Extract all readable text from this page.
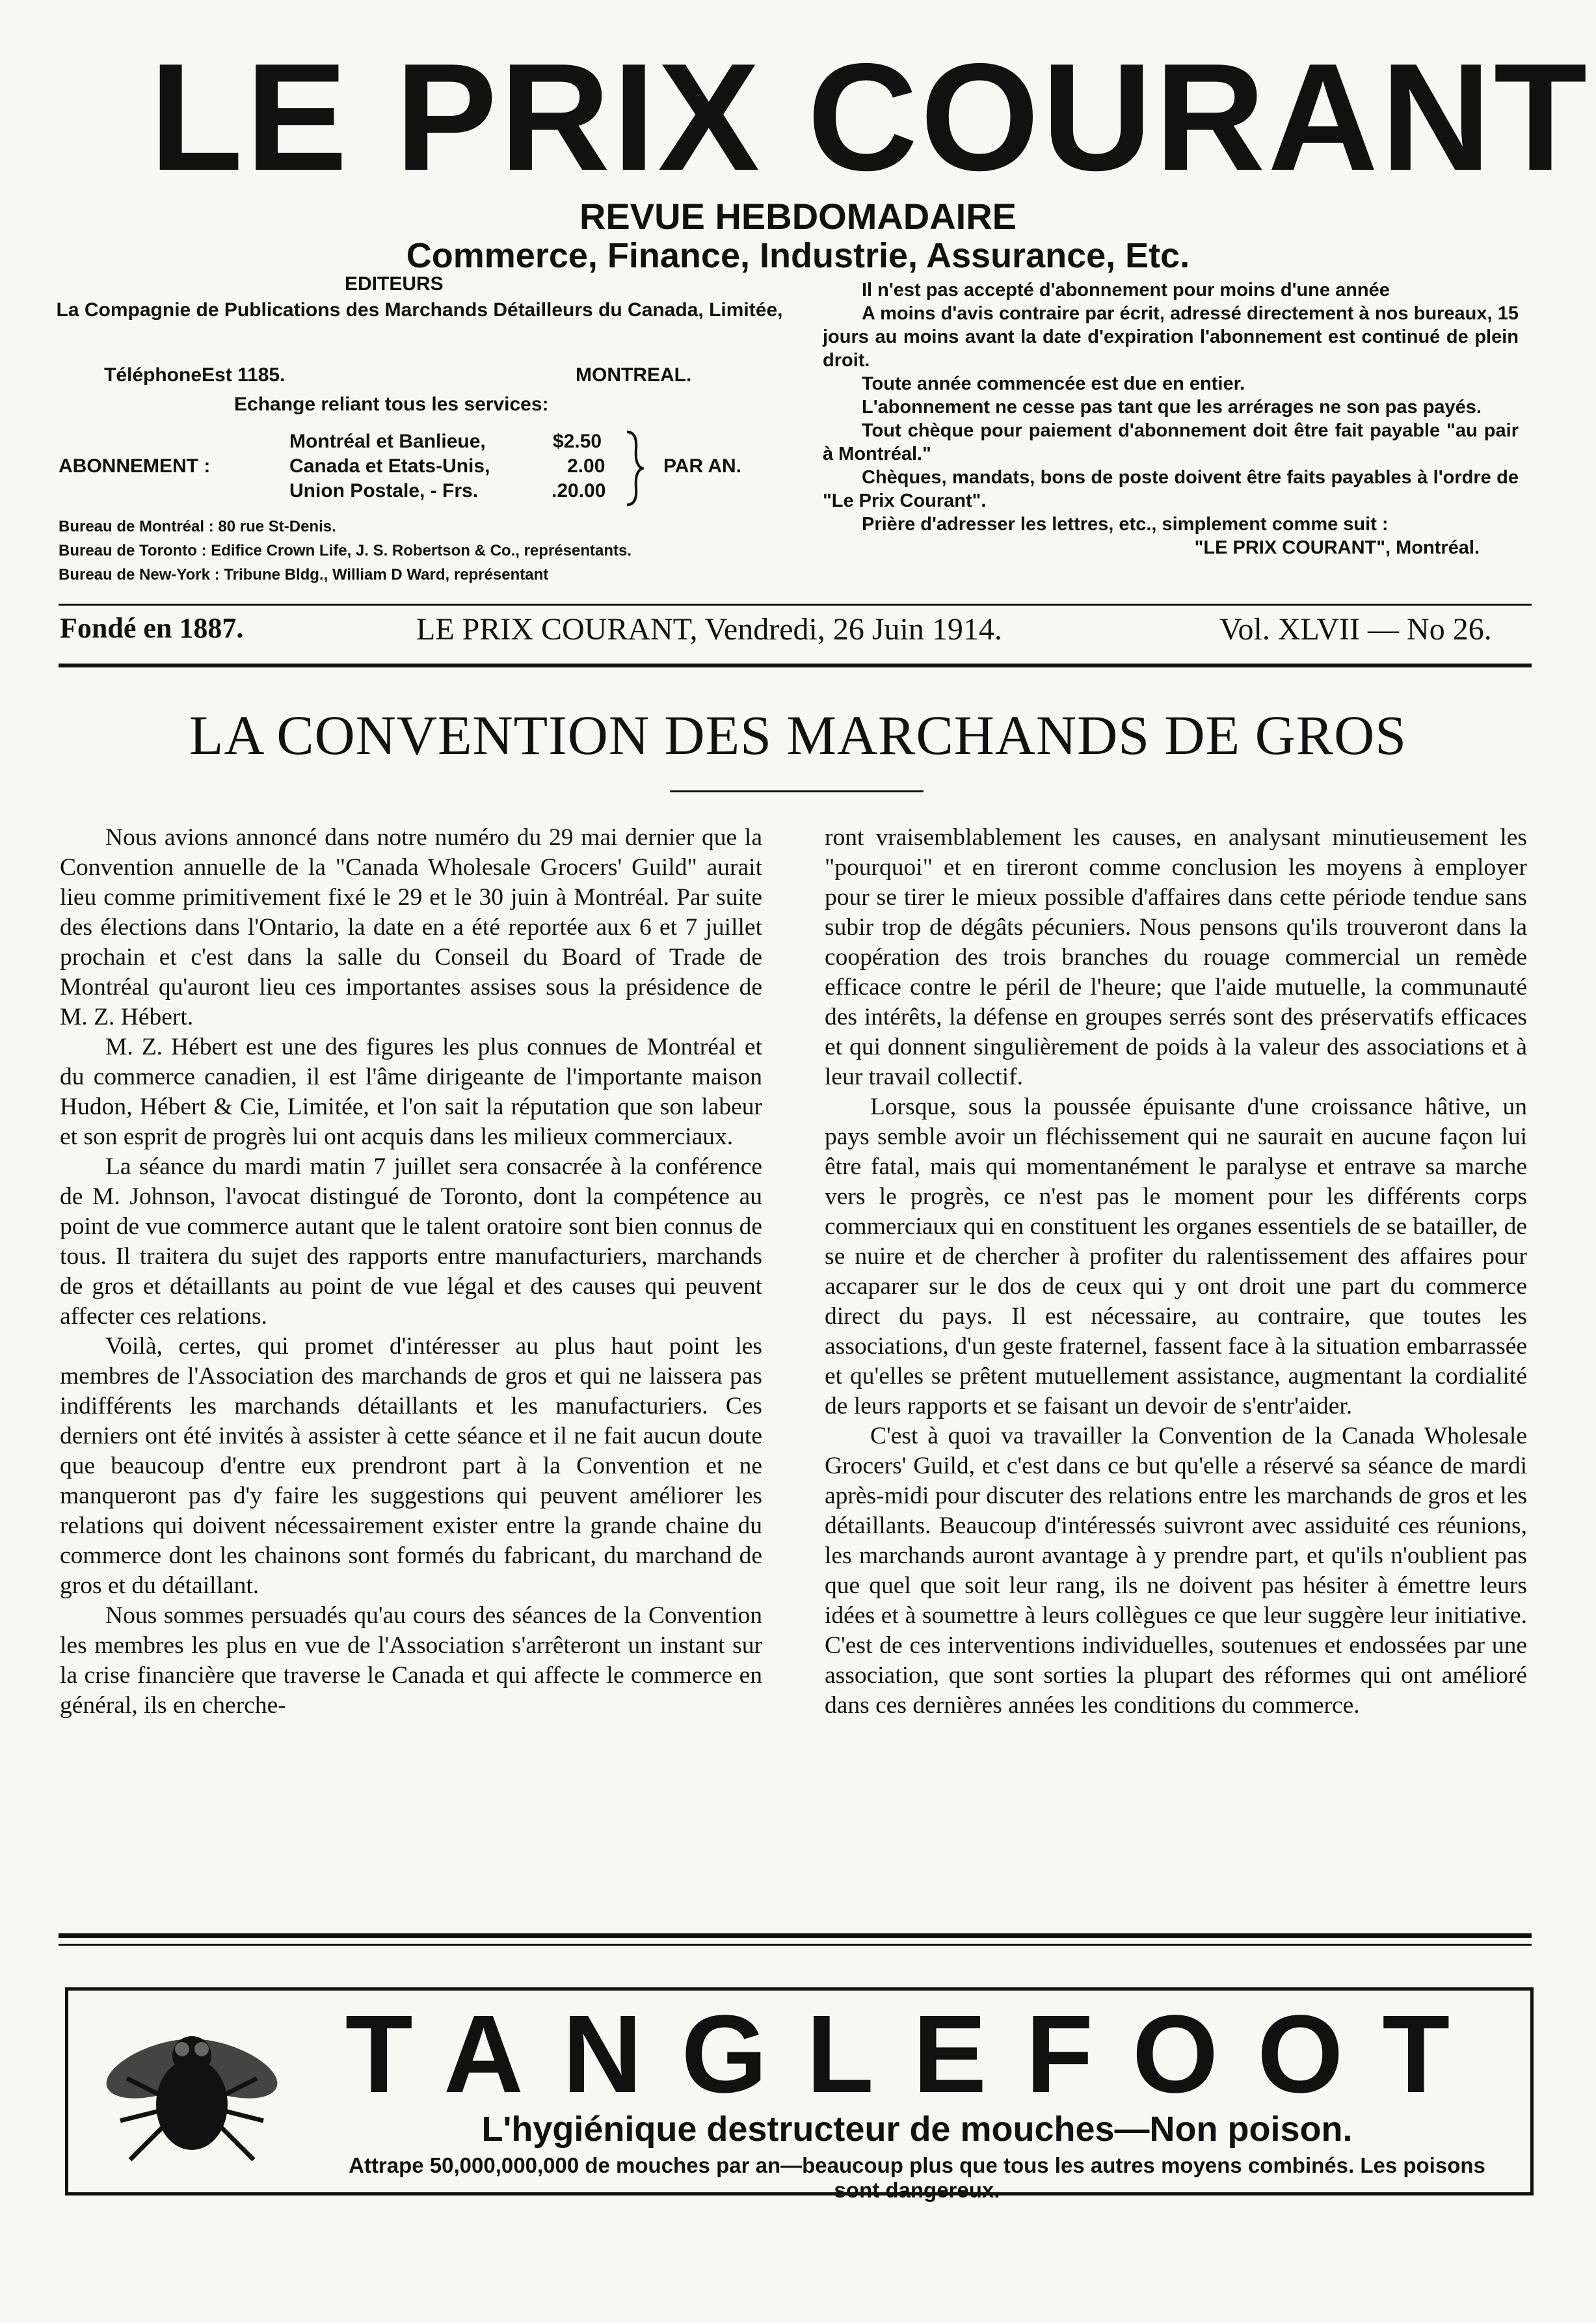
LE PRIX COURANT
REVUE HEBDOMADAIRE
Commerce, Finance, Industrie, Assurance, Etc.
EDITEURS
La Compagnie de Publications des Marchands Détailleurs du Canada, Limitée,
TéléphoneEst 1185.	MONTREAL.
Echange reliant tous les services:
ABONNEMENT :
Montréal et Banlieue,	$2.50
Canada et Etats-Unis,	2.00
Union Postale, - Frs.	.20.00
PAR AN.
Bureau de Montréal : 80 rue St-Denis.
Bureau de Toronto : Edifice Crown Life, J. S. Robertson & Co., représentants.
Bureau de New-York : Tribune Bldg., William D Ward, représentant

Il n'est pas accepté d'abonnement pour moins d'une année

A moins d'avis contraire par écrit, adressé directement à nos bureaux, 15 jours au moins avant la date d'expiration l'abonnement est continué de plein droit.

Toute année commencée est due en entier.

L'abonnement ne cesse pas tant que les arrérages ne son pas payés.

Tout chèque pour paiement d'abonnement doit être fait payable "au pair à Montréal."

Chèques, mandats, bons de poste doivent être faits payables à l'ordre de "Le Prix Courant".

Prière d'adresser les lettres, etc., simplement comme suit :

"LE PRIX COURANT", Montréal.

Fondé en 1887.	LE PRIX COURANT, Vendredi, 26 Juin 1914.	Vol. XLVII — No 26.
LA CONVENTION DES MARCHANDS DE GROS

Nous avions annoncé dans notre numéro du 29 mai dernier que la Convention annuelle de la "Canada Wholesale Grocers' Guild" aurait lieu comme primitivement fixé le 29 et le 30 juin à Montréal. Par suite des élections dans l'Ontario, la date en a été reportée aux 6 et 7 juillet prochain et c'est dans la salle du Conseil du Board of Trade de Montréal qu'auront lieu ces importantes assises sous la présidence de M. Z. Hébert.

M. Z. Hébert est une des figures les plus connues de Montréal et du commerce canadien, il est l'âme dirigeante de l'importante maison Hudon, Hébert & Cie, Limitée, et l'on sait la réputation que son labeur et son esprit de progrès lui ont acquis dans les milieux commerciaux.

La séance du mardi matin 7 juillet sera consacrée à la conférence de M. Johnson, l'avocat distingué de Toronto, dont la compétence au point de vue commerce autant que le talent oratoire sont bien connus de tous. Il traitera du sujet des rapports entre manufacturiers, marchands de gros et détaillants au point de vue légal et des causes qui peuvent affecter ces relations.

Voilà, certes, qui promet d'intéresser au plus haut point les membres de l'Association des marchands de gros et qui ne laissera pas indifférents les marchands détaillants et les manufacturiers. Ces derniers ont été invités à assister à cette séance et il ne fait aucun doute que beaucoup d'entre eux prendront part à la Convention et ne manqueront pas d'y faire les suggestions qui peuvent améliorer les relations qui doivent nécessairement exister entre la grande chaine du commerce dont les chainons sont formés du fabricant, du marchand de gros et du détaillant.

Nous sommes persuadés qu'au cours des séances de la Convention les membres les plus en vue de l'Association s'arrêteront un instant sur la crise financière que traverse le Canada et qui affecte le commerce en général, ils en cherche-

ront vraisemblablement les causes, en analysant minutieusement les "pourquoi" et en tireront comme conclusion les moyens à employer pour se tirer le mieux possible d'affaires dans cette période tendue sans subir trop de dégâts pécuniers. Nous pensons qu'ils trouveront dans la coopération des trois branches du rouage commercial un remède efficace contre le péril de l'heure; que l'aide mutuelle, la communauté des intérêts, la défense en groupes serrés sont des préservatifs efficaces et qui donnent singulièrement de poids à la valeur des associations et à leur travail collectif.

Lorsque, sous la poussée épuisante d'une croissance hâtive, un pays semble avoir un fléchissement qui ne saurait en aucune façon lui être fatal, mais qui momentanément le paralyse et entrave sa marche vers le progrès, ce n'est pas le moment pour les différents corps commerciaux qui en constituent les organes essentiels de se batailler, de se nuire et de chercher à profiter du ralentissement des affaires pour accaparer sur le dos de ceux qui y ont droit une part du commerce direct du pays. Il est nécessaire, au contraire, que toutes les associations, d'un geste fraternel, fassent face à la situation embarrassée et qu'elles se prêtent mutuellement assistance, augmentant la cordialité de leurs rapports et se faisant un devoir de s'entr'aider.

C'est à quoi va travailler la Convention de la Canada Wholesale Grocers' Guild, et c'est dans ce but qu'elle a réservé sa séance de mardi après-midi pour discuter des relations entre les marchands de gros et les détaillants. Beaucoup d'intéressés suivront avec assiduité ces réunions, les marchands auront avantage à y prendre part, et qu'ils n'oublient pas que quel que soit leur rang, ils ne doivent pas hésiter à émettre leurs idées et à soumettre à leurs collègues ce que leur suggère leur initiative. C'est de ces interventions individuelles, soutenues et endossées par une association, que sont sorties la plupart des réformes qui ont amélioré dans ces dernières années les conditions du commerce.

TANGLEFOOT
L'hygiénique destructeur de mouches—Non poison.
Attrape 50,000,000,000 de mouches par an—beaucoup plus que tous les autres moyens combinés. Les poisons sont dangereux.
